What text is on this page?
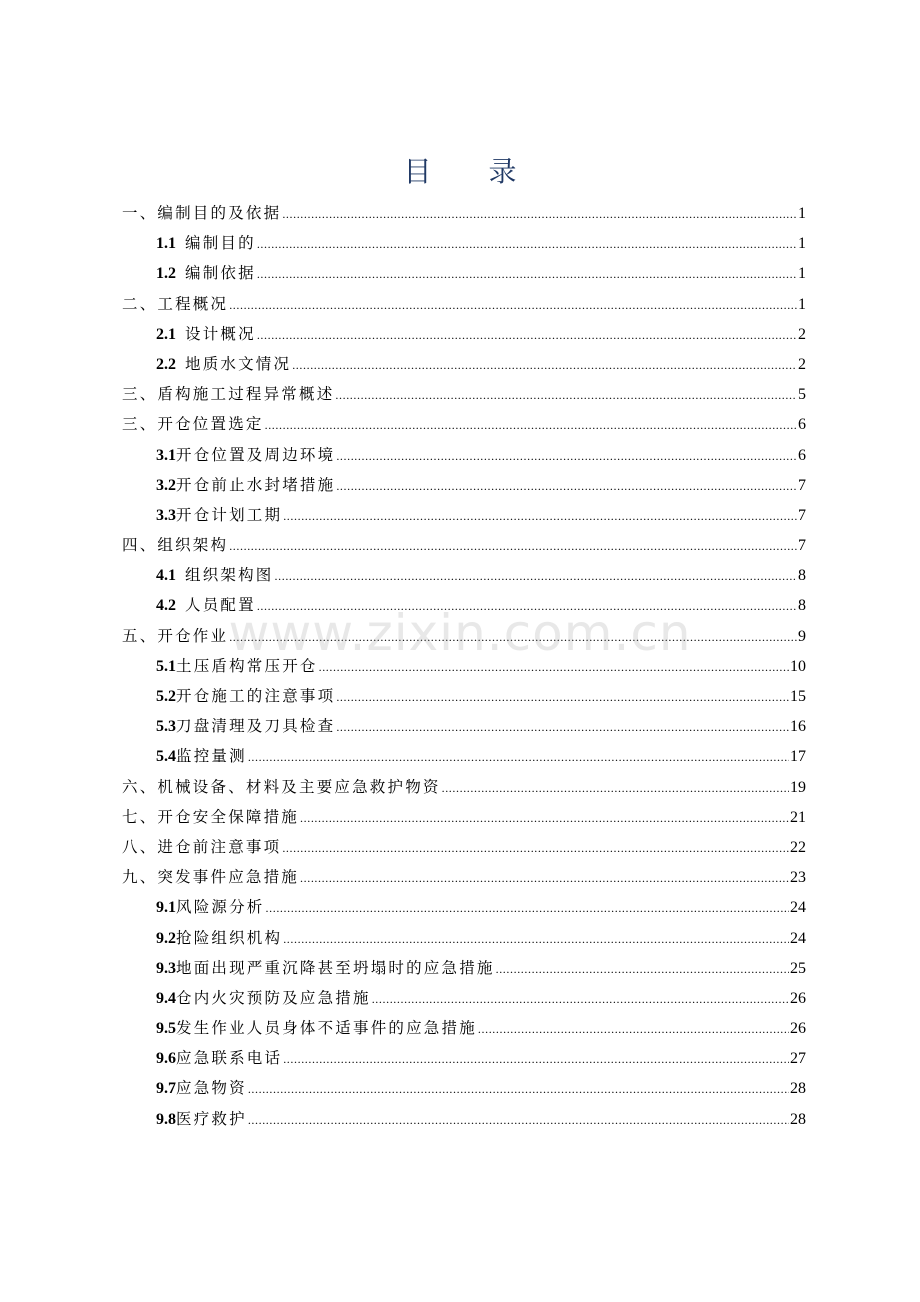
www.zixin.com.cn
目 录
一、编制目的及依据 .....	1
1.1 编制目的 .....	1
1.2 编制依据 .....	1
二、工程概况 .....	1
2.1 设计概况 .....	2
2.2 地质水文情况 .....	2
三、盾构施工过程异常概述 .....	5
三、开仓位置选定 .....	6
3.1 开仓位置及周边环境 .....	6
3.2 开仓前止水封堵措施 .....	7
3.3 开仓计划工期 .....	7
四、组织架构 .....	7
4.1 组织架构图 .....	8
4.2 人员配置 .....	8
五、开仓作业 .....	9
5.1 土压盾构常压开仓 .....	10
5.2 开仓施工的注意事项 .....	15
5.3 刀盘清理及刀具检查 .....	16
5.4 监控量测 .....	17
六、机械设备、材料及主要应急救护物资 .....	19
七、开仓安全保障措施 .....	21
八、进仓前注意事项 .....	22
九、突发事件应急措施 .....	23
9.1 风险源分析 .....	24
9.2 抢险组织机构 .....	24
9.3 地面出现严重沉降甚至坍塌时的应急措施 .....	25
9.4 仓内火灾预防及应急措施 .....	26
9.5 发生作业人员身体不适事件的应急措施 .....	26
9.6 应急联系电话 .....	27
9.7 应急物资 .....	28
9.8 医疗救护 .....	28
